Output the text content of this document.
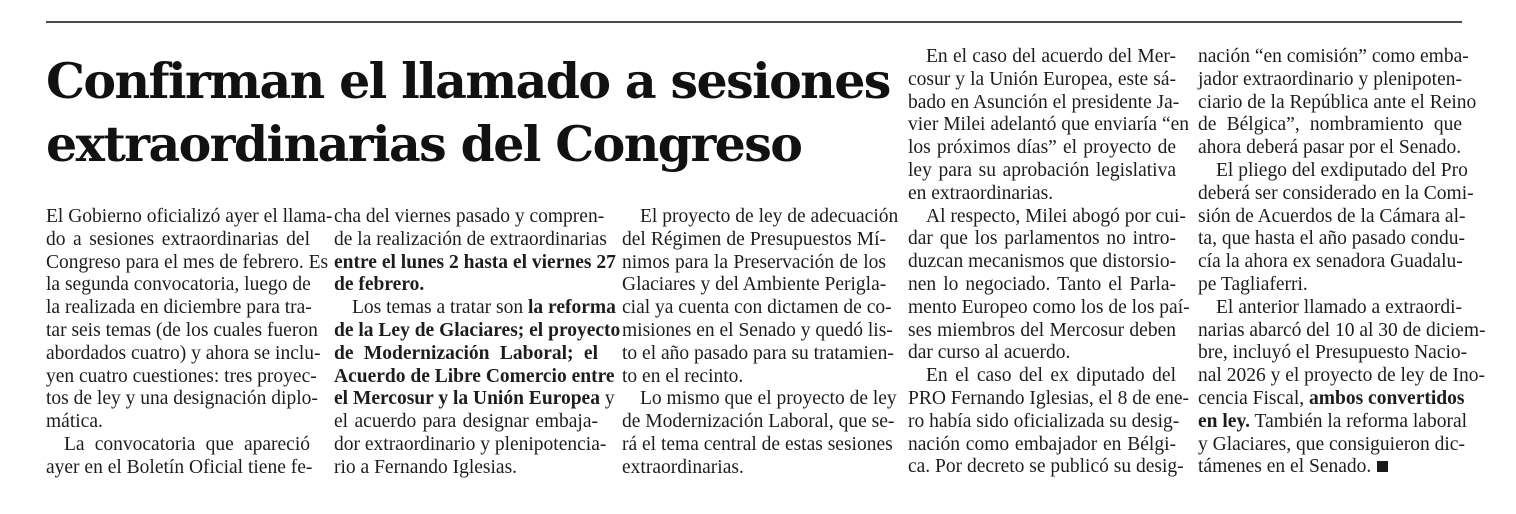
Confirman el llamado a sesiones
extraordinarias del Congreso
El Gobierno oficializó ayer el llama-
do a sesiones extraordinarias del
Congreso para el mes de febrero. Es
la segunda convocatoria, luego de
la realizada en diciembre para tra-
tar seis temas (de los cuales fueron
abordados cuatro) y ahora se inclu-
yen cuatro cuestiones: tres proyec-
tos de ley y una designación diplo-
mática.
La convocatoria que apareció
ayer en el Boletín Oficial tiene fe-
cha del viernes pasado y compren-
de la realización de extraordinarias
entre el lunes 2 hasta el viernes 27
de febrero.
Los temas a tratar son la reforma
de la Ley de Glaciares; el proyecto
de Modernización Laboral; el
Acuerdo de Libre Comercio entre
el Mercosur y la Unión Europea y
el acuerdo para designar embaja-
dor extraordinario y plenipotencia-
rio a Fernando Iglesias.
El proyecto de ley de adecuación
del Régimen de Presupuestos Mí-
nimos para la Preservación de los
Glaciares y del Ambiente Perigla-
cial ya cuenta con dictamen de co-
misiones en el Senado y quedó lis-
to el año pasado para su tratamien-
to en el recinto.
Lo mismo que el proyecto de ley
de Modernización Laboral, que se-
rá el tema central de estas sesiones
extraordinarias.
En el caso del acuerdo del Mer-
cosur y la Unión Europea, este sá-
bado en Asunción el presidente Ja-
vier Milei adelantó que enviaría “en
los próximos días” el proyecto de
ley para su aprobación legislativa
en extraordinarias.
Al respecto, Milei abogó por cui-
dar que los parlamentos no intro-
duzcan mecanismos que distorsio-
nen lo negociado. Tanto el Parla-
mento Europeo como los de los paí-
ses miembros del Mercosur deben
dar curso al acuerdo.
En el caso del ex diputado del
PRO Fernando Iglesias, el 8 de ene-
ro había sido oficializada su desig-
nación como embajador en Bélgi-
ca. Por decreto se publicó su desig-
nación “en comisión” como emba-
jador extraordinario y plenipoten-
ciario de la República ante el Reino
de Bélgica”, nombramiento que
ahora deberá pasar por el Senado.
El pliego del exdiputado del Pro
deberá ser considerado en la Comi-
sión de Acuerdos de la Cámara al-
ta, que hasta el año pasado condu-
cía la ahora ex senadora Guadalu-
pe Tagliaferri.
El anterior llamado a extraordi-
narias abarcó del 10 al 30 de diciem-
bre, incluyó el Presupuesto Nacio-
nal 2026 y el proyecto de ley de Ino-
cencia Fiscal, ambos convertidos
en ley. También la reforma laboral
y Glaciares, que consiguieron dic-
támenes en el Senado.
